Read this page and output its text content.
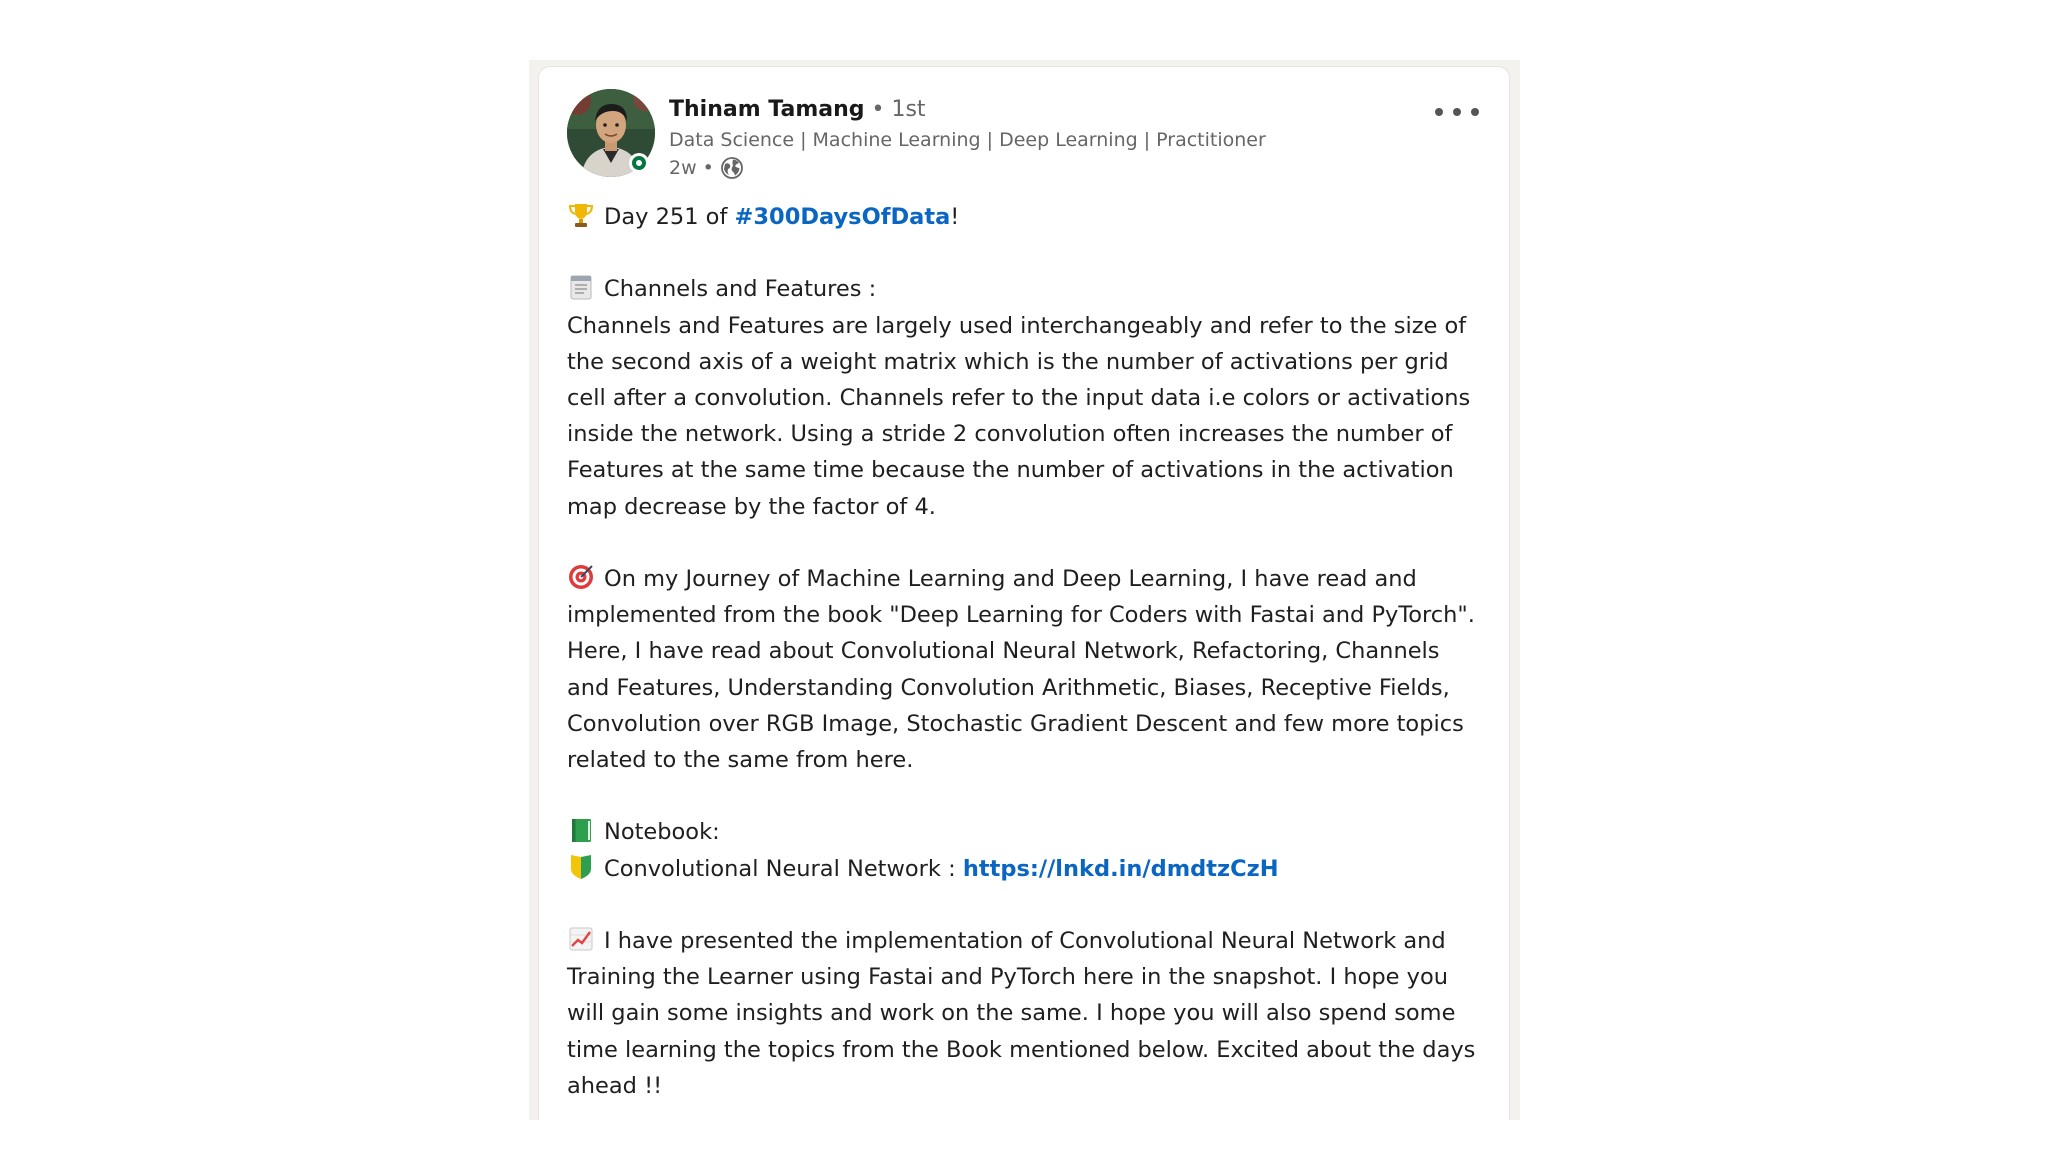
Thinam Tamang • 1st
Data Science | Machine Learning | Deep Learning | Practitioner
2w •

Day 251 of #300DaysOfData!

Channels and Features :

Channels and Features are largely used interchangeably and refer to the size of the second axis of a weight matrix which is the number of activations per grid cell after a convolution. Channels refer to the input data i.e colors or activations inside the network. Using a stride 2 convolution often increases the number of Features at the same time because the number of activations in the activation map decrease by the factor of 4.

On my Journey of Machine Learning and Deep Learning, I have read and implemented from the book "Deep Learning for Coders with Fastai and PyTorch". Here, I have read about Convolutional Neural Network, Refactoring, Channels and Features, Understanding Convolution Arithmetic, Biases, Receptive Fields, Convolution over RGB Image, Stochastic Gradient Descent and few more topics related to the same from here.

Notebook:

Convolutional Neural Network : https://lnkd.in/dmdtzCzH

I have presented the implementation of Convolutional Neural Network and Training the Learner using Fastai and PyTorch here in the snapshot. I hope you will gain some insights and work on the same. I hope you will also spend some time learning the topics from the Book mentioned below. Excited about the days ahead !!
